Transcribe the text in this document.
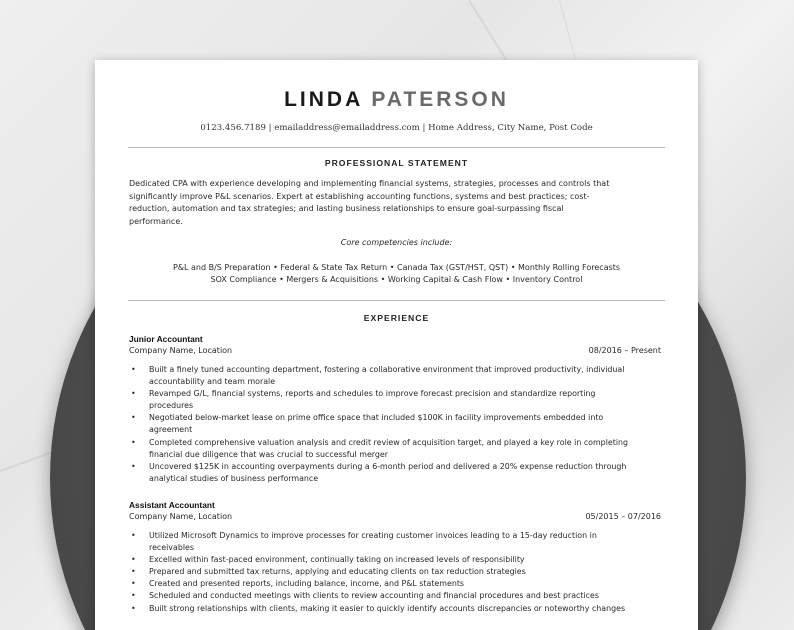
LINDA PATERSON
0123.456.7189 | emailaddress@emailaddress.com | Home Address, City Name, Post Code
PROFESSIONAL STATEMENT
Dedicated CPA with experience developing and implementing financial systems, strategies, processes and controls that
significantly improve P&L scenarios. Expert at establishing accounting functions, systems and best practices; cost-
reduction, automation and tax strategies; and lasting business relationships to ensure goal-surpassing fiscal
performance.
Core competencies include:
P&L and B/S Preparation • Federal & State Tax Return • Canada Tax (GST/HST, QST) • Monthly Rolling Forecasts
SOX Compliance • Mergers & Acquisitions • Working Capital & Cash Flow • Inventory Control
EXPERIENCE
Junior Accountant
Company Name, Location	08/2016 – Present
• Built a finely tuned accounting department, fostering a collaborative environment that improved productivity, individual
accountability and team morale
• Revamped G/L, financial systems, reports and schedules to improve forecast precision and standardize reporting
procedures
• Negotiated below-market lease on prime office space that included $100K in facility improvements embedded into
agreement
• Completed comprehensive valuation analysis and credit review of acquisition target, and played a key role in completing
financial due diligence that was crucial to successful merger
• Uncovered $125K in accounting overpayments during a 6-month period and delivered a 20% expense reduction through
analytical studies of business performance
Assistant Accountant
Company Name, Location	05/2015 – 07/2016
• Utilized Microsoft Dynamics to improve processes for creating customer invoices leading to a 15-day reduction in
receivables
• Excelled within fast-paced environment, continually taking on increased levels of responsibility
• Prepared and submitted tax returns, applying and educating clients on tax reduction strategies
• Created and presented reports, including balance, income, and P&L statements
• Scheduled and conducted meetings with clients to review accounting and financial procedures and best practices
• Built strong relationships with clients, making it easier to quickly identify accounts discrepancies or noteworthy changes
